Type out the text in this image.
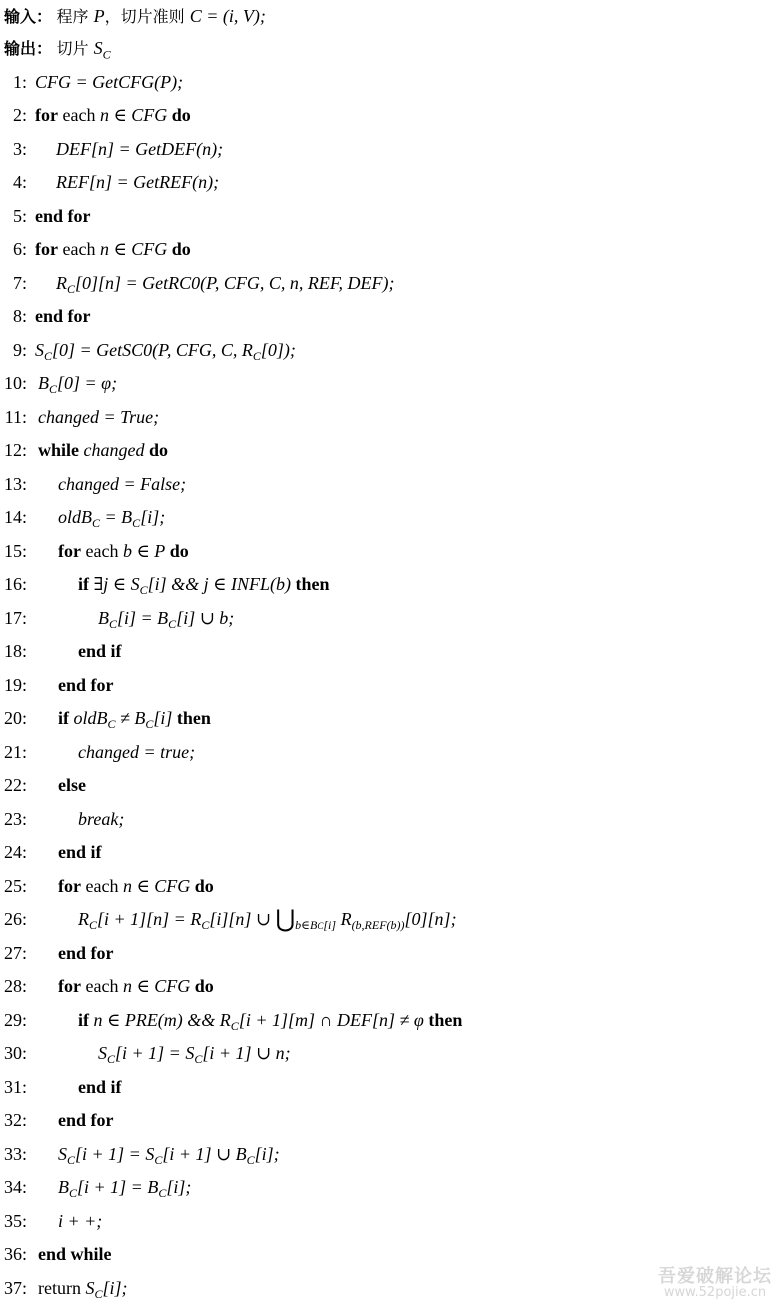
输入： 程序 P，切片准则 C = (i, V);
输出： 切片 $S_C$
1: CFG = GetCFG(P);
2: for each n ∈ CFG do
3: DEF[n] = GetDEF(n);
4: REF[n] = GetREF(n);
5: end for
6: for each n ∈ CFG do
7: $R_C[0][n]$ = GetRC0(P, CFG, C, n, REF, DEF);
8: end for
9: $S_C[0]$ = GetSC0(P, CFG, C, $R_C[0]$);
10: $B_C[0] = \varphi$;
11: changed = True;
12: while changed do
13: changed = False;
14: oldB$_C$ = $B_C[i]$;
15: for each b ∈ P do
16:	if ∃j ∈ $S_C[i]$ && j ∈ INFL(b) then
17:	$B_C[i] = B_C[i]$ ∪ b;
18:	end if
19: end for
20: if oldB$_C$ ≠ $B_C[i]$ then
21:	changed = true;
22: else
23:	break;
24: end if
25: for each n ∈ CFG do
26:	$R_C[i + 1][n] = R_C[i][n]$ ∪ $⋃_{b\in BC[i]}$ $R_{(b,REF(b))}[0][n]$;
27: end for
28: for each n ∈ CFG do
29:	if n ∈ PRE(m) && $R_C[i + 1][m]$ ∩ DEF[n] ≠ φ then
30:	$S_C[i + 1] = S_C[i + 1]$ ∪ n;
31:	end if
32: end for
33: $S_C[i + 1] = S_C[i + 1]$ ∪ $B_C[i]$;
34: $B_C[i + 1] = B_C[i]$;
35: i + +;
36: end while
37: return $S_C[i]$;
吾爱破解论坛
www.52pojie.cn
